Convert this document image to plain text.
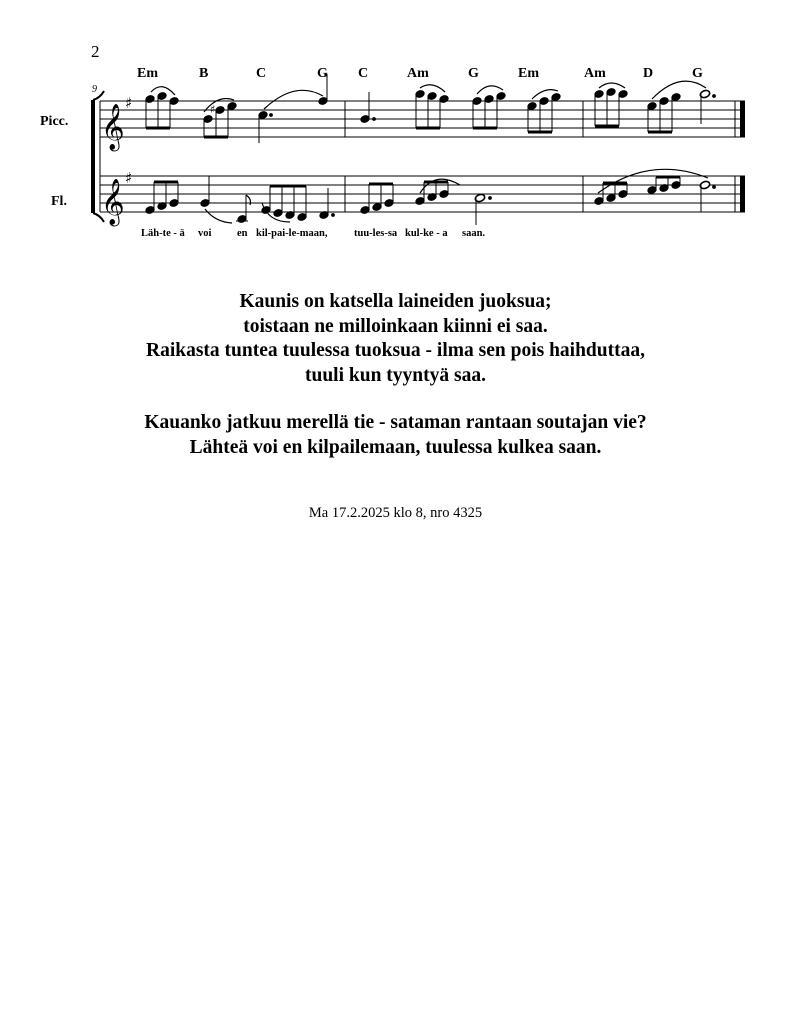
2
Em	B	C	G C	Am	G	Em	Am	D	G
9
Picc.
Fl.
𝄞
𝄞
♯
♯
♯
Läh-te - ä voi en kil-pai-le-maan,	tuu-les-sa kul-ke - a saan.
Kaunis on katsella laineiden juoksua;
toistaan ne milloinkaan kiinni ei saa.
Raikasta tuntea tuulessa tuoksua - ilma sen pois haihduttaa,
tuuli kun tyyntyä saa.
Kauanko jatkuu merellä tie - sataman rantaan soutajan vie?
Lähteä voi en kilpailemaan, tuulessa kulkea saan.
Ma 17.2.2025 klo 8, nro 4325
